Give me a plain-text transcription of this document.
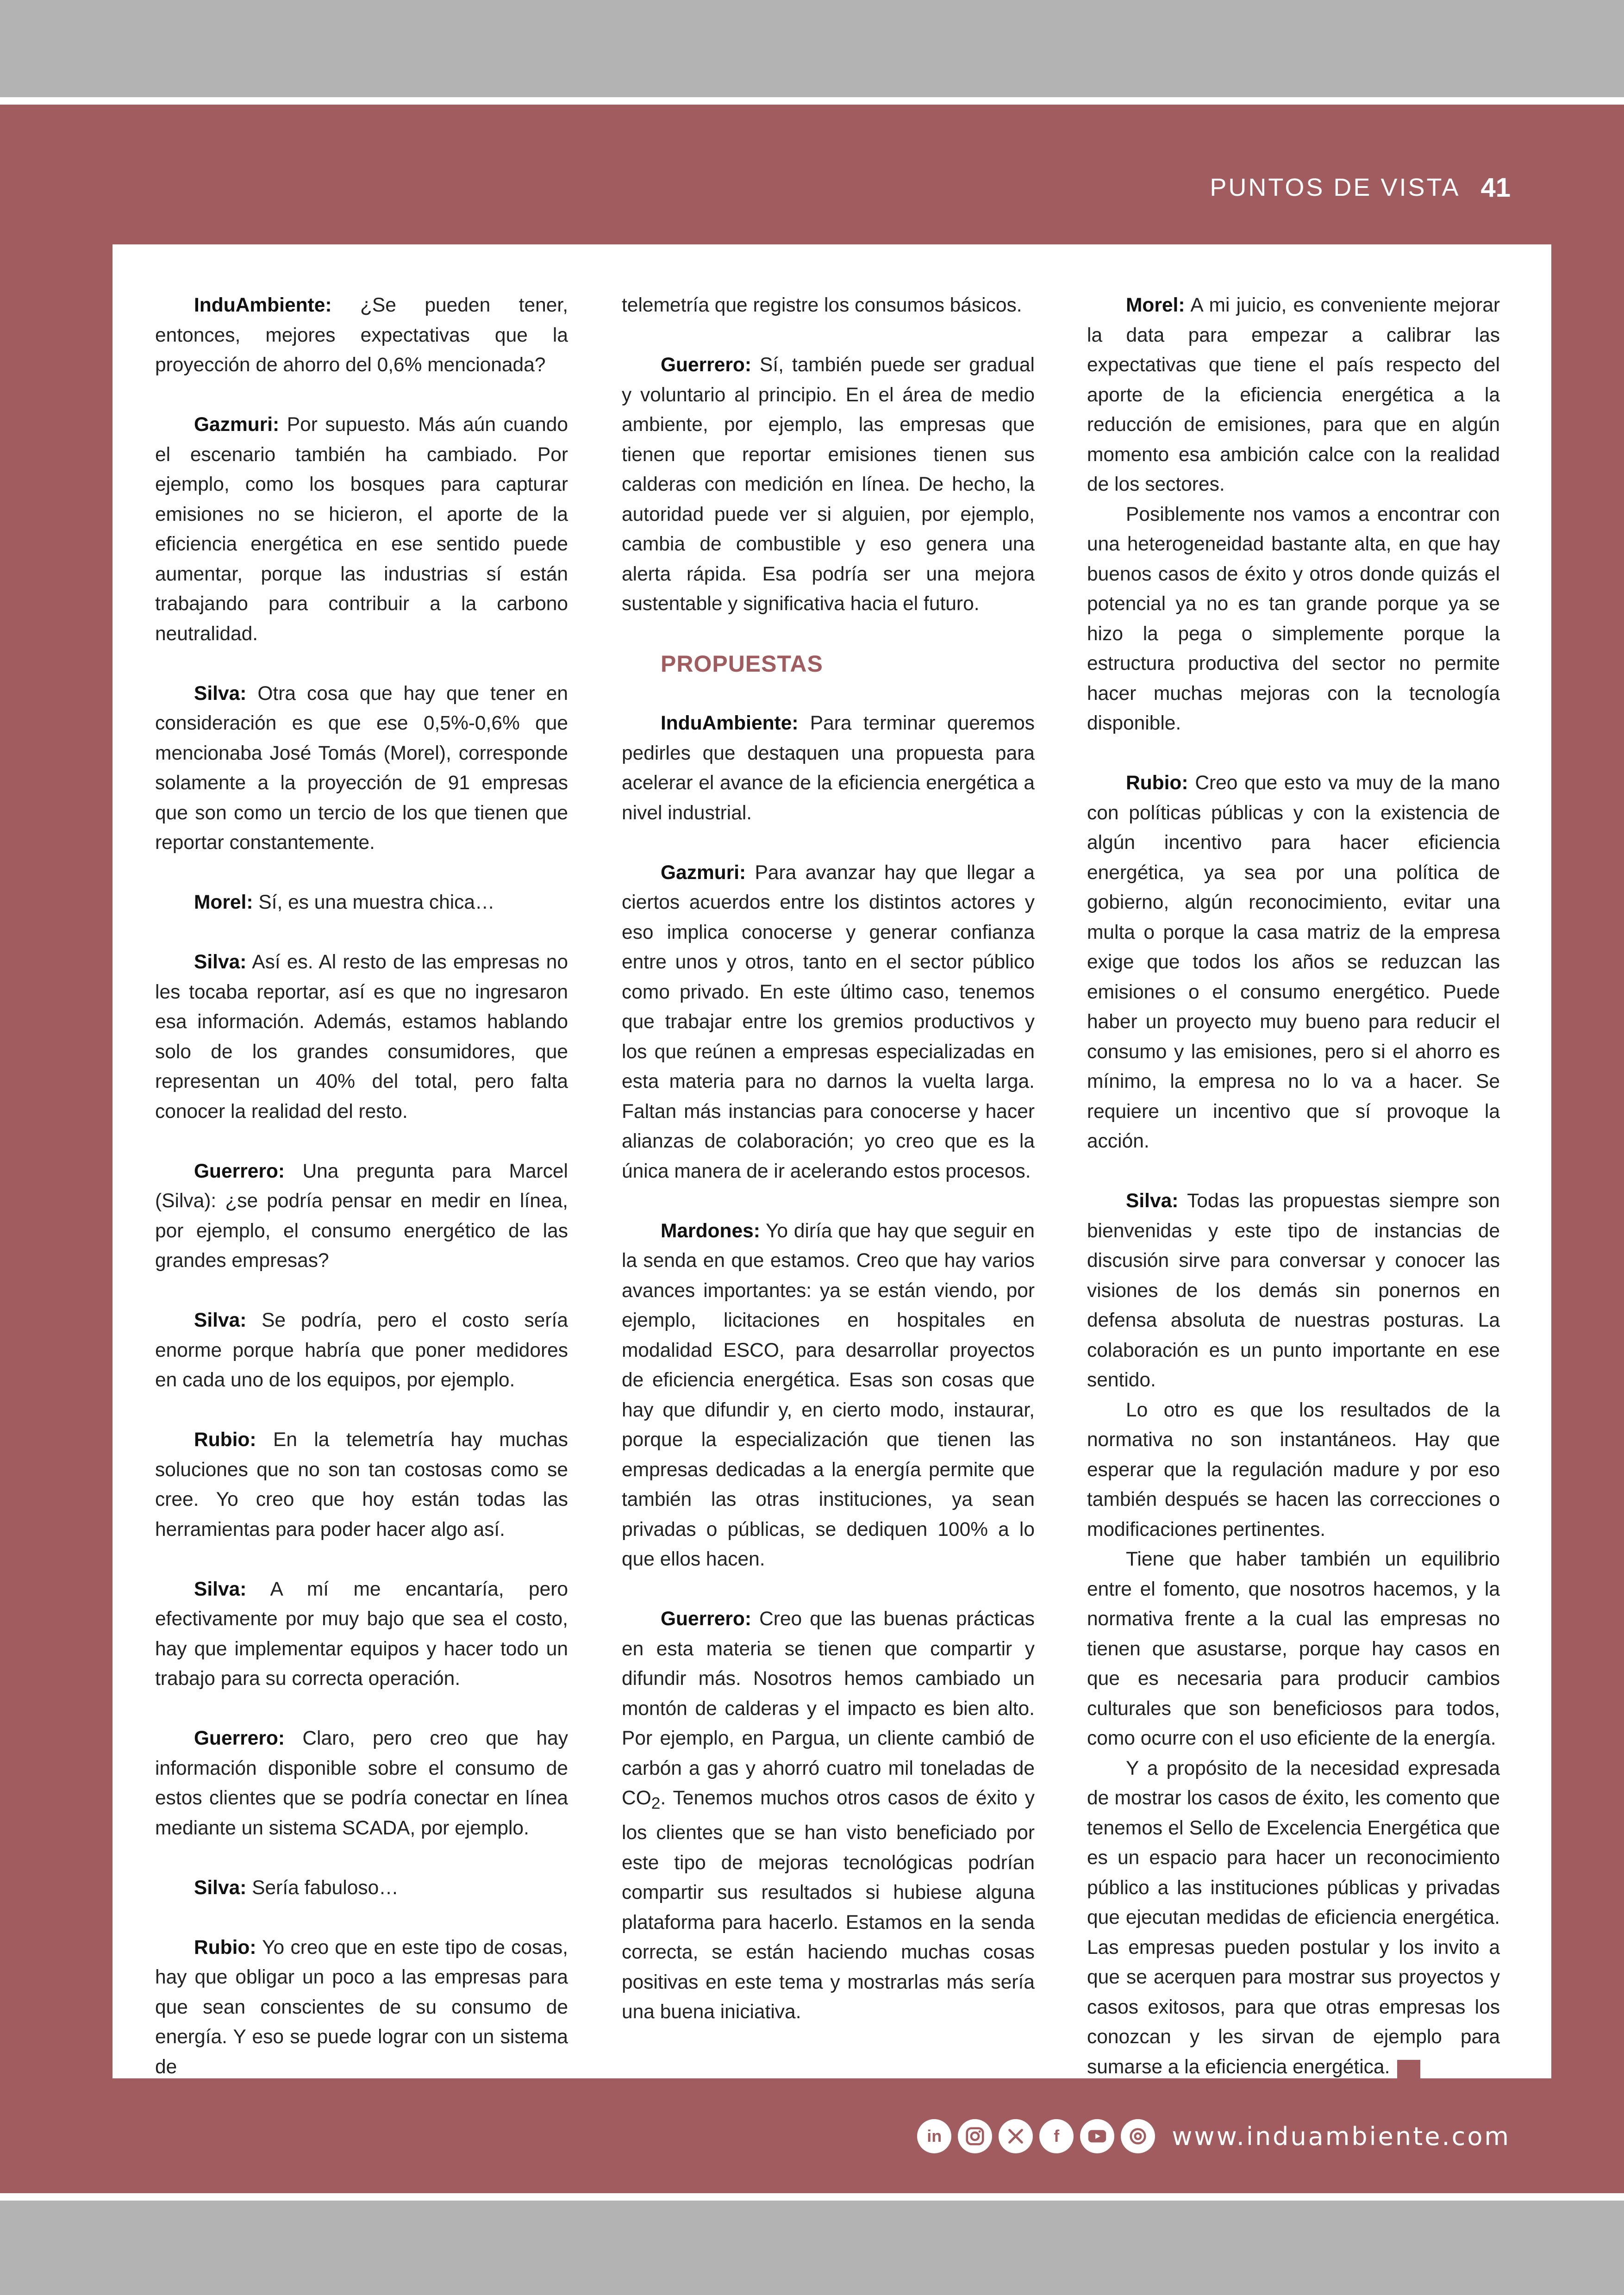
PUNTOS DE VISTA 41

InduAmbiente: ¿Se pueden tener, entonces, mejores expectativas que la proyección de ahorro del 0,6% mencionada?

Gazmuri: Por supuesto. Más aún cuando el escenario también ha cambiado. Por ejemplo, como los bosques para capturar emisiones no se hicieron, el aporte de la eficiencia energética en ese sentido puede aumentar, porque las industrias sí están trabajando para contribuir a la carbono neutralidad.

Silva: Otra cosa que hay que tener en consideración es que ese 0,5%-0,6% que mencionaba José Tomás (Morel), corresponde solamente a la proyección de 91 empresas que son como un tercio de los que tienen que reportar constantemente.

Morel: Sí, es una muestra chica…

Silva: Así es. Al resto de las empresas no les tocaba reportar, así es que no ingresaron esa información. Además, estamos hablando solo de los grandes consumidores, que representan un 40% del total, pero falta conocer la realidad del resto.

Guerrero: Una pregunta para Marcel (Silva): ¿se podría pensar en medir en línea, por ejemplo, el consumo energético de las grandes empresas?

Silva: Se podría, pero el costo sería enorme porque habría que poner medidores en cada uno de los equipos, por ejemplo.

Rubio: En la telemetría hay muchas soluciones que no son tan costosas como se cree. Yo creo que hoy están todas las herramientas para poder hacer algo así.

Silva: A mí me encantaría, pero efectivamente por muy bajo que sea el costo, hay que implementar equipos y hacer todo un trabajo para su correcta operación.

Guerrero: Claro, pero creo que hay información disponible sobre el consumo de estos clientes que se podría conectar en línea mediante un sistema SCADA, por ejemplo.

Silva: Sería fabuloso…

Rubio: Yo creo que en este tipo de cosas, hay que obligar un poco a las empresas para que sean conscientes de su consumo de energía. Y eso se puede lograr con un sistema de

telemetría que registre los consumos básicos.

Guerrero: Sí, también puede ser gradual y voluntario al principio. En el área de medio ambiente, por ejemplo, las empresas que tienen que reportar emisiones tienen sus calderas con medición en línea. De hecho, la autoridad puede ver si alguien, por ejemplo, cambia de combustible y eso genera una alerta rápida. Esa podría ser una mejora sustentable y significativa hacia el futuro.

PROPUESTAS

InduAmbiente: Para terminar queremos pedirles que destaquen una propuesta para acelerar el avance de la eficiencia energética a nivel industrial.

Gazmuri: Para avanzar hay que llegar a ciertos acuerdos entre los distintos actores y eso implica conocerse y generar confianza entre unos y otros, tanto en el sector público como privado. En este último caso, tenemos que trabajar entre los gremios productivos y los que reúnen a empresas especializadas en esta materia para no darnos la vuelta larga. Faltan más instancias para conocerse y hacer alianzas de colaboración; yo creo que es la única manera de ir acelerando estos procesos.

Mardones: Yo diría que hay que seguir en la senda en que estamos. Creo que hay varios avances importantes: ya se están viendo, por ejemplo, licitaciones en hospitales en modalidad ESCO, para desarrollar proyectos de eficiencia energética. Esas son cosas que hay que difundir y, en cierto modo, instaurar, porque la especialización que tienen las empresas dedicadas a la energía permite que también las otras instituciones, ya sean privadas o públicas, se dediquen 100% a lo que ellos hacen.

Guerrero: Creo que las buenas prácticas en esta materia se tienen que compartir y difundir más. Nosotros hemos cambiado un montón de calderas y el impacto es bien alto. Por ejemplo, en Pargua, un cliente cambió de carbón a gas y ahorró cuatro mil toneladas de $CO_2$. Tenemos muchos otros casos de éxito y los clientes que se han visto beneficiado por este tipo de mejoras tecnológicas podrían compartir sus resultados si hubiese alguna plataforma para hacerlo. Estamos en la senda correcta, se están haciendo muchas cosas positivas en este tema y mostrarlas más sería una buena iniciativa.

Morel: A mi juicio, es conveniente mejorar la data para empezar a calibrar las expectativas que tiene el país respecto del aporte de la eficiencia energética a la reducción de emisiones, para que en algún momento esa ambición calce con la realidad de los sectores.

Posiblemente nos vamos a encontrar con una heterogeneidad bastante alta, en que hay buenos casos de éxito y otros donde quizás el potencial ya no es tan grande porque ya se hizo la pega o simplemente porque la estructura productiva del sector no permite hacer muchas mejoras con la tecnología disponible.

Rubio: Creo que esto va muy de la mano con políticas públicas y con la existencia de algún incentivo para hacer eficiencia energética, ya sea por una política de gobierno, algún reconocimiento, evitar una multa o porque la casa matriz de la empresa exige que todos los años se reduzcan las emisiones o el consumo energético. Puede haber un proyecto muy bueno para reducir el consumo y las emisiones, pero si el ahorro es mínimo, la empresa no lo va a hacer. Se requiere un incentivo que sí provoque la acción.

Silva: Todas las propuestas siempre son bienvenidas y este tipo de instancias de discusión sirve para conversar y conocer las visiones de los demás sin ponernos en defensa absoluta de nuestras posturas. La colaboración es un punto importante en ese sentido.

Lo otro es que los resultados de la normativa no son instantáneos. Hay que esperar que la regulación madure y por eso también después se hacen las correcciones o modificaciones pertinentes.

Tiene que haber también un equilibrio entre el fomento, que nosotros hacemos, y la normativa frente a la cual las empresas no tienen que asustarse, porque hay casos en que es necesaria para producir cambios culturales que son beneficiosos para todos, como ocurre con el uso eficiente de la energía.

Y a propósito de la necesidad expresada de mostrar los casos de éxito, les comento que tenemos el Sello de Excelencia Energética que es un espacio para hacer un reconocimiento público a las instituciones públicas y privadas que ejecutan medidas de eficiencia energética. Las empresas pueden postular y los invito a que se acerquen para mostrar sus proyectos y casos exitosos, para que otras empresas los conozcan y les sirvan de ejemplo para sumarse a la eficiencia energética.	IA

in	f	www.induambiente.com
